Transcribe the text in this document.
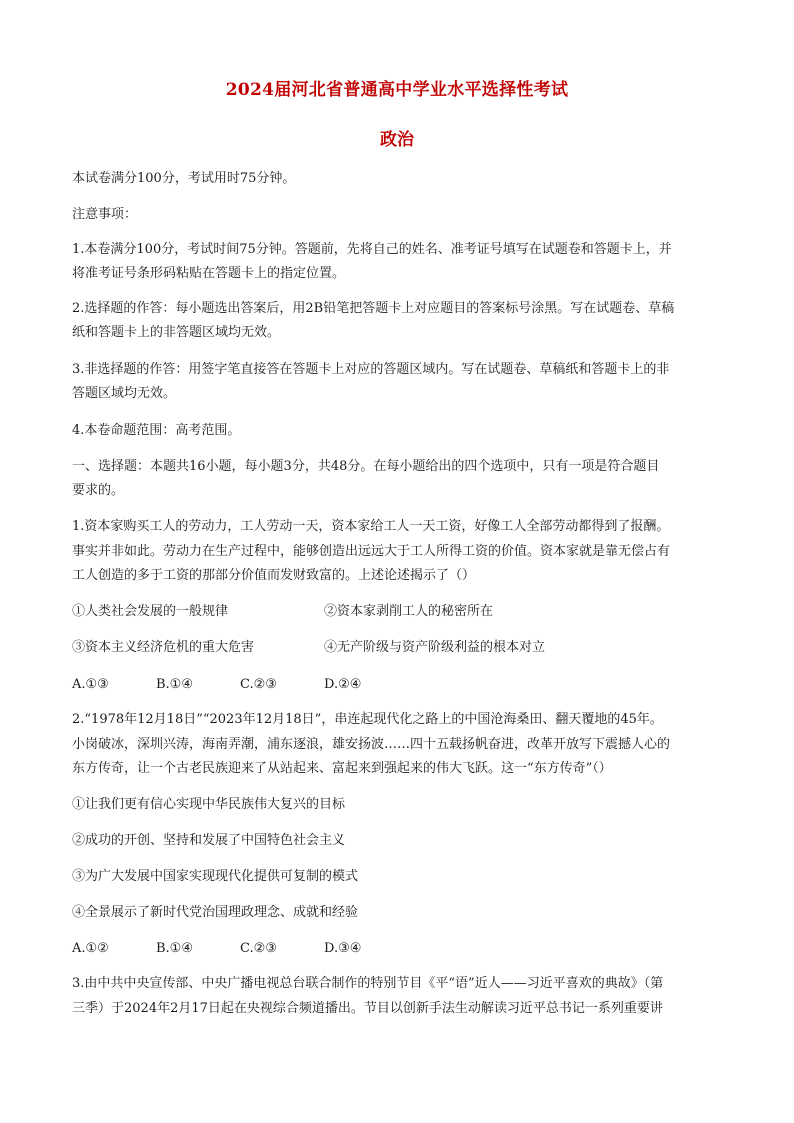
2024届河北省普通高中学业水平选择性考试
政治

本试卷满分100分，考试用时75分钟。

注意事项：

1.本卷满分100分，考试时间75分钟。答题前，先将自己的姓名、准考证号填写在试题卷和答题卡上，并

将准考证号条形码粘贴在答题卡上的指定位置。

2.选择题的作答：每小题选出答案后，用2B铅笔把答题卡上对应题目的答案标号涂黑。写在试题卷、草稿

纸和答题卡上的非答题区域均无效。

3.非选择题的作答：用签字笔直接答在答题卡上对应的答题区域内。写在试题卷、草稿纸和答题卡上的非

答题区域均无效。

4.本卷命题范围：高考范围。

一、选择题：本题共16小题，每小题3分，共48分。在每小题给出的四个选项中，只有一项是符合题目

要求的。

1.资本家购买工人的劳动力，工人劳动一天，资本家给工人一天工资，好像工人全部劳动都得到了报酬。

事实并非如此。劳动力在生产过程中，能够创造出远远大于工人所得工资的价值。资本家就是靠无偿占有

工人创造的多于工资的那部分价值而发财致富的。上述论述揭示了（）

①人类社会发展的一般规律	②资本家剥削工人的秘密所在

③资本主义经济危机的重大危害	④无产阶级与资产阶级利益的根本对立

A.①③	B.①④	C.②③	D.②④

2.“1978年12月18日”“2023年12月18日”，串连起现代化之路上的中国沧海桑田、翻天覆地的45年。

小岗破冰，深圳兴涛，海南弄潮，浦东逐浪，雄安扬波……四十五载扬帆奋进，改革开放写下震撼人心的

东方传奇，让一个古老民族迎来了从站起来、富起来到强起来的伟大飞跃。这一“东方传奇”（）

①让我们更有信心实现中华民族伟大复兴的目标

②成功的开创、坚持和发展了中国特色社会主义

③为广大发展中国家实现现代化提供可复制的模式

④全景展示了新时代党治国理政理念、成就和经验

A.①②	B.①④	C.②③	D.③④

3.由中共中央宣传部、中央广播电视总台联合制作的特别节目《平“语”近人——习近平喜欢的典故》（第

三季）于2024年2月17日起在央视综合频道播出。节目以创新手法生动解读习近平总书记一系列重要讲
